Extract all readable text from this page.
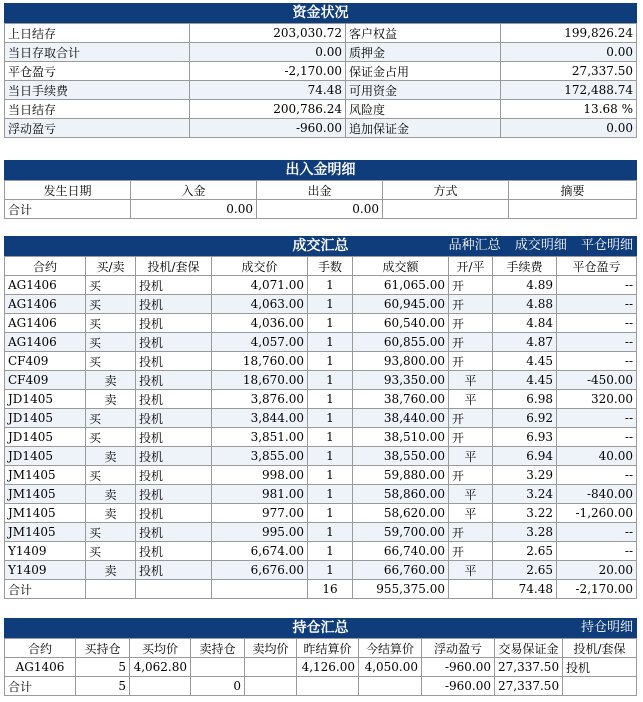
资金状况
上日结存	203,030.72	客户权益	199,826.24
当日存取合计	0.00	质押金	0.00
平仓盈亏	-2,170.00	保证金占用	27,337.50
当日手续费	74.48	可用资金	172,488.74
当日结存	200,786.24	风险度	13.68 %
浮动盈亏	-960.00	追加保证金	0.00
出入金明细
发生日期	入金	出金	方式	摘要
合计	0.00	0.00		
成交汇总	品种汇总 成交明细 平仓明细
合约	买/卖	投机/套保	成交价	手数	成交额	开/平	手续费	平仓盈亏
AG1406	买	投机	4,071.00	1	61,065.00	开	4.89	--
AG1406	买	投机	4,063.00	1	60,945.00	开	4.88	--
AG1406	买	投机	4,036.00	1	60,540.00	开	4.84	--
AG1406	买	投机	4,057.00	1	60,855.00	开	4.87	--
CF409	买	投机	18,760.00	1	93,800.00	开	4.45	--
CF409	卖	投机	18,670.00	1	93,350.00	平	4.45	-450.00
JD1405	卖	投机	3,876.00	1	38,760.00	平	6.98	320.00
JD1405	买	投机	3,844.00	1	38,440.00	开	6.92	--
JD1405	买	投机	3,851.00	1	38,510.00	开	6.93	--
JD1405	卖	投机	3,855.00	1	38,550.00	平	6.94	40.00
JM1405	买	投机	998.00	1	59,880.00	开	3.29	--
JM1405	卖	投机	981.00	1	58,860.00	平	3.24	-840.00
JM1405	卖	投机	977.00	1	58,620.00	平	3.22	-1,260.00
JM1405	买	投机	995.00	1	59,700.00	开	3.28	--
Y1409	买	投机	6,674.00	1	66,740.00	开	2.65	--
Y1409	卖	投机	6,676.00	1	66,760.00	平	2.65	20.00
合计				16	955,375.00		74.48	-2,170.00
持仓汇总	持仓明细
合约	买持仓	买均价	卖持仓	卖均价	昨结算价	今结算价	浮动盈亏	交易保证金	投机/套保
AG1406	5	4,062.80			4,126.00	4,050.00	-960.00	27,337.50	投机
合计	5		0				-960.00	27,337.50	
